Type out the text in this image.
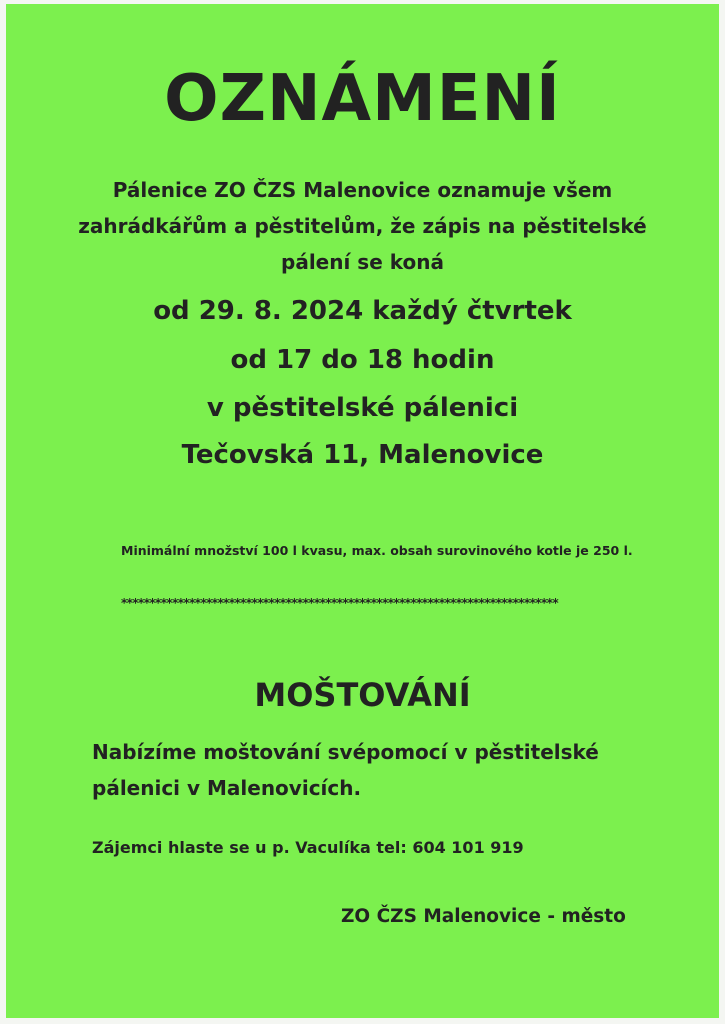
OZNÁMENÍ
Pálenice ZO ČZS Malenovice oznamuje všem
zahrádkářům a pěstitelům, že zápis na pěstitelské
pálení se koná
od 29. 8. 2024 každý čtvrtek
od 17 do 18 hodin
v pěstitelské pálenici
Tečovská 11, Malenovice
Minimální množství 100 l kvasu, max. obsah surovinového kotle je 250 l.
*****************************************************************************
MOŠTOVÁNÍ
Nabízíme moštování svépomocí v pěstitelské
pálenici v Malenovicích.
Zájemci hlaste se u p. Vaculíka tel: 604 101 919
ZO ČZS Malenovice - město
